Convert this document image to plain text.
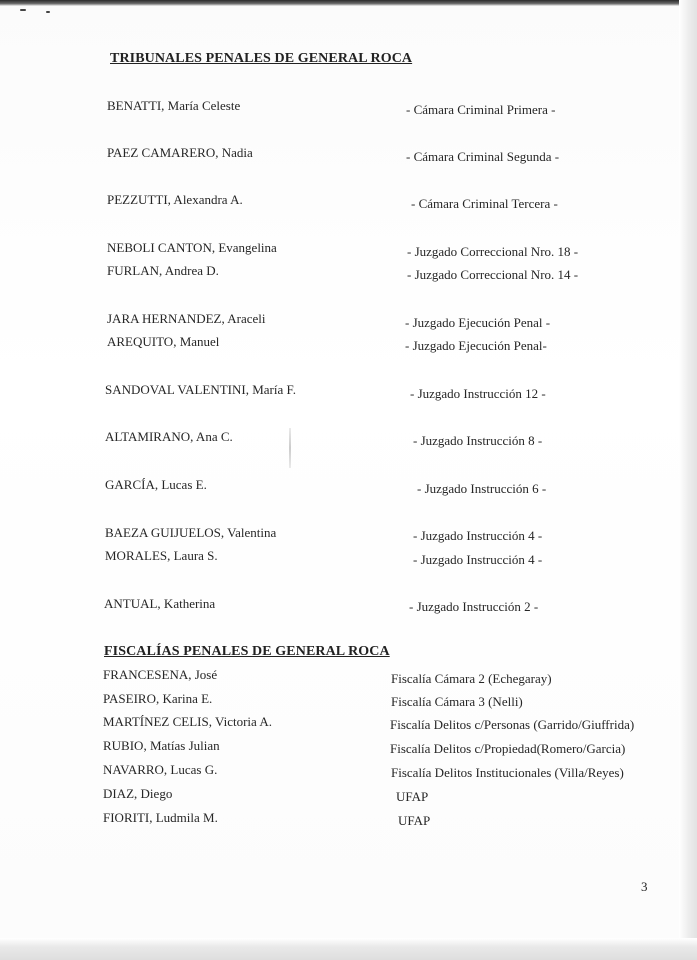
TRIBUNALES PENALES DE GENERAL ROCA
BENATTI, María Celeste	- Cámara Criminal Primera -
PAEZ CAMARERO, Nadia	- Cámara Criminal Segunda -
PEZZUTTI, Alexandra A.	- Cámara Criminal Tercera -
NEBOLI CANTON, Evangelina	- Juzgado Correccional Nro. 18 -
FURLAN, Andrea D.	- Juzgado Correccional Nro. 14 -
JARA HERNANDEZ, Araceli	- Juzgado Ejecución Penal -
AREQUITO, Manuel	- Juzgado Ejecución Penal-
SANDOVAL VALENTINI, María F.	- Juzgado Instrucción 12 -
ALTAMIRANO, Ana C.	- Juzgado Instrucción 8 -
GARCÍA, Lucas E.	- Juzgado Instrucción 6 -
BAEZA GUIJUELOS, Valentina	- Juzgado Instrucción 4 -
MORALES, Laura S.	- Juzgado Instrucción 4 -
ANTUAL, Katherina	- Juzgado Instrucción 2 -
FISCALÍAS PENALES DE GENERAL ROCA
FRANCESENA, José	Fiscalía Cámara 2 (Echegaray)
PASEIRO, Karina E.	Fiscalía Cámara 3 (Nelli)
MARTÍNEZ CELIS, Victoria A.	Fiscalía Delitos c/Personas (Garrido/Giuffrida)
RUBIO, Matías Julian	Fiscalía Delitos c/Propiedad(Romero/Garcia)
NAVARRO, Lucas G.	Fiscalía Delitos Institucionales (Villa/Reyes)
DIAZ, Diego	UFAP
FIORITI, Ludmila M.	UFAP
3
